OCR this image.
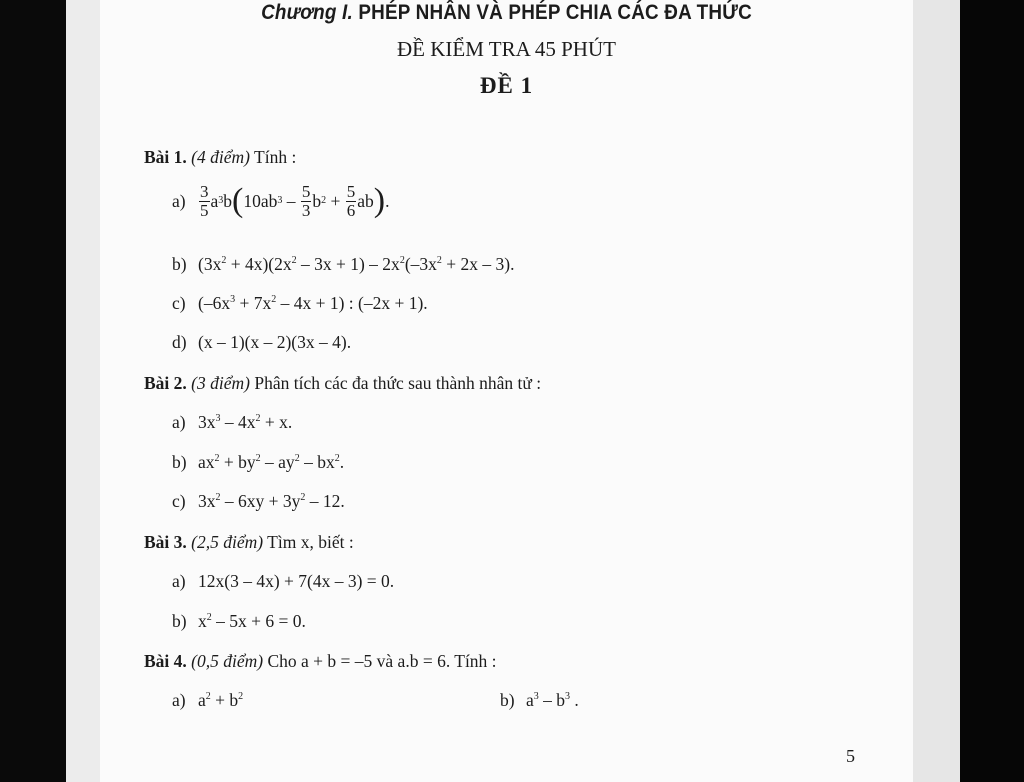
Chương I. PHÉP NHÂN VÀ PHÉP CHIA CÁC ĐA THỨC
ĐỀ KIỂM TRA 45 PHÚT
ĐỀ 1
Bài 1. (4 điểm) Tính :
$a) \frac{3}{5}$ a 3 b ( 10ab 3
–
$\frac{5}{3}$ b 2
+
$\frac{5}{6}$ ab ) .
b) $(3x^2 + 4x)(2x^2 - 3x + 1) - 2x^2(-3x^2 + 2x - 3)$.
c) $(-6x^3 + 7x^2 - 4x + 1)$ : (–2x + 1).
d) (x – 1)(x – 2)(3x – 4).
Bài 2. (3 điểm) Phân tích các đa thức sau thành nhân tử :
a) $3x^3 - 4x^2 + x$.
b) $ax^2 + by^2 - ay^2 - bx^2$.
c) $3x^2 - 6xy + 3y^2 - 12$.
Bài 3. (2,5 điểm) Tìm x, biết :
a) 12x(3 – 4x) + 7(4x – 3) = 0.
b) $x^2 - 5x + 6 = 0$.
Bài 4. (0,5 điểm) Cho a + b = –5 và a.b = 6. Tính :
a) $a^2 + b^2$	b) $a^3 - b^3$ .
5
